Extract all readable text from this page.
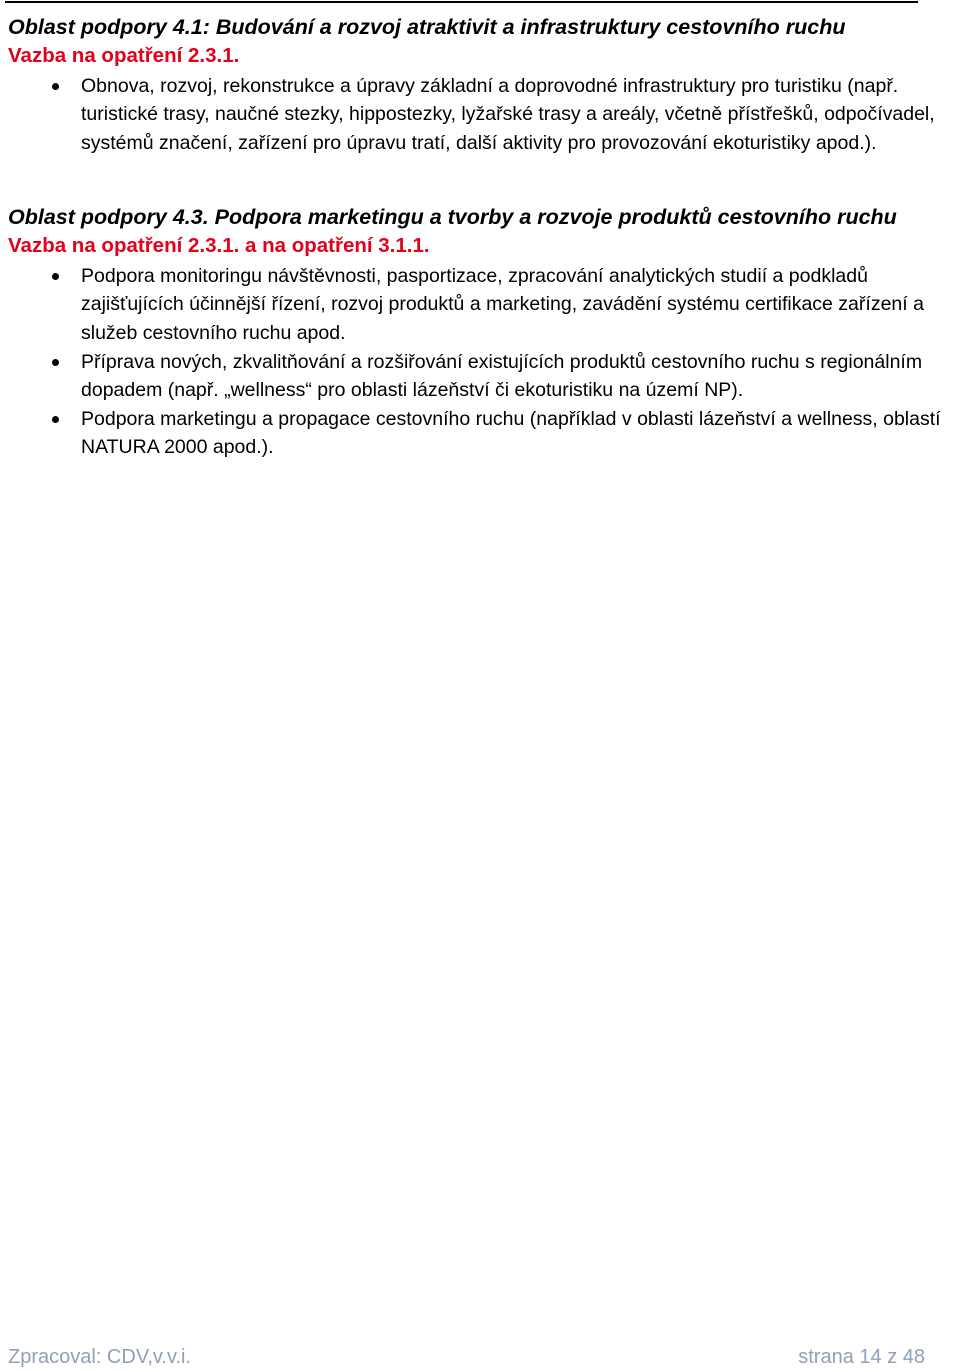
Oblast podpory 4.1: Budování a rozvoj atraktivit a infrastruktury cestovního ruchu
Vazba na opatření 2.3.1.
Obnova, rozvoj, rekonstrukce a úpravy základní a doprovodné infrastruktury pro turistiku (např.
turistické trasy, naučné stezky, hippostezky, lyžařské trasy a areály, včetně přístřešků, odpočívadel,
systémů značení, zařízení pro úpravu tratí, další aktivity pro provozování ekoturistiky apod.).
Oblast podpory 4.3. Podpora marketingu a tvorby a rozvoje produktů cestovního ruchu
Vazba na opatření 2.3.1. a na opatření 3.1.1.
Podpora monitoringu návštěvnosti, pasportizace, zpracování analytických studií a podkladů
zajišťujících účinnější řízení, rozvoj produktů a marketing, zavádění systému certifikace zařízení a
služeb cestovního ruchu apod.
Příprava nových, zkvalitňování a rozšiřování existujících produktů cestovního ruchu s regionálním
dopadem (např. „wellness“ pro oblasti lázeňství či ekoturistiku na území NP).
Podpora marketingu a propagace cestovního ruchu (například v oblasti lázeňství a wellness, oblastí
NATURA 2000 apod.).
Zpracoval: CDV,v.v.i.	strana 14 z 48
